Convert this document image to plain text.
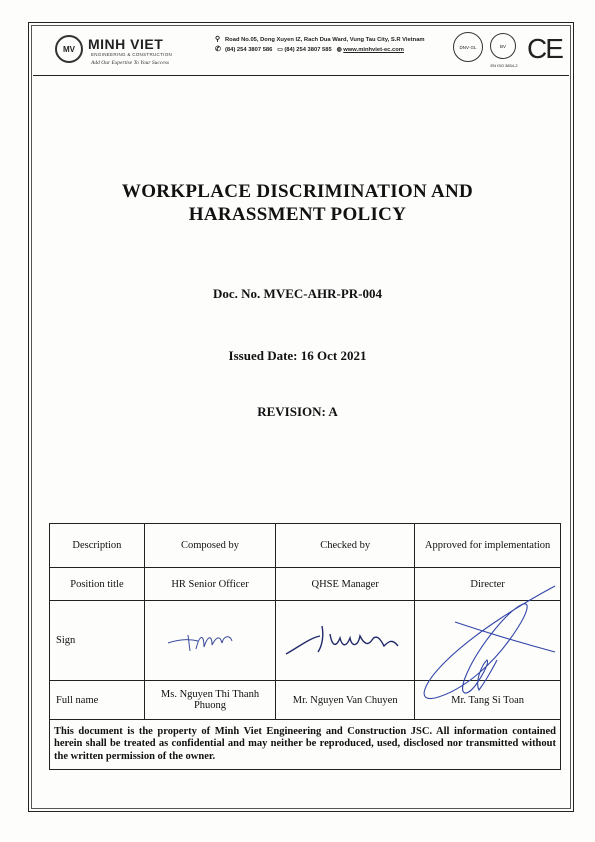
MV MINH VIET
ENGINEERING & CONSTRUCTION
Add Our Expertise To Your Success
⚲ Road No.05, Dong Xuyen IZ, Rach Dua Ward, Vung Tau City, S.R Vietnam
✆ (84) 254 3807 586 ▭ (84) 254 3807 585 ◍ www.minhviet-ec.com	DNV·GL	BV
EN ISO 3834-2
CE
WORKPLACE DISCRIMINATION AND
HARASSMENT POLICY
Doc. No. MVEC-AHR-PR-004
Issued Date: 16 Oct 2021
REVISION: A
Description	Composed by	Checked by	Approved for implementation
Position title	HR Senior Officer	QHSE Manager	Directer
Sign	

Full name	Ms. Nguyen Thi Thanh Phuong	Mr. Nguyen Van Chuyen	Mr. Tang Si Toan

This document is the property of Minh Viet Engineering and Construction JSC. All information contained herein shall be treated as confidential and may neither be reproduced, used, disclosed nor transmitted without the written permission of the owner.			
